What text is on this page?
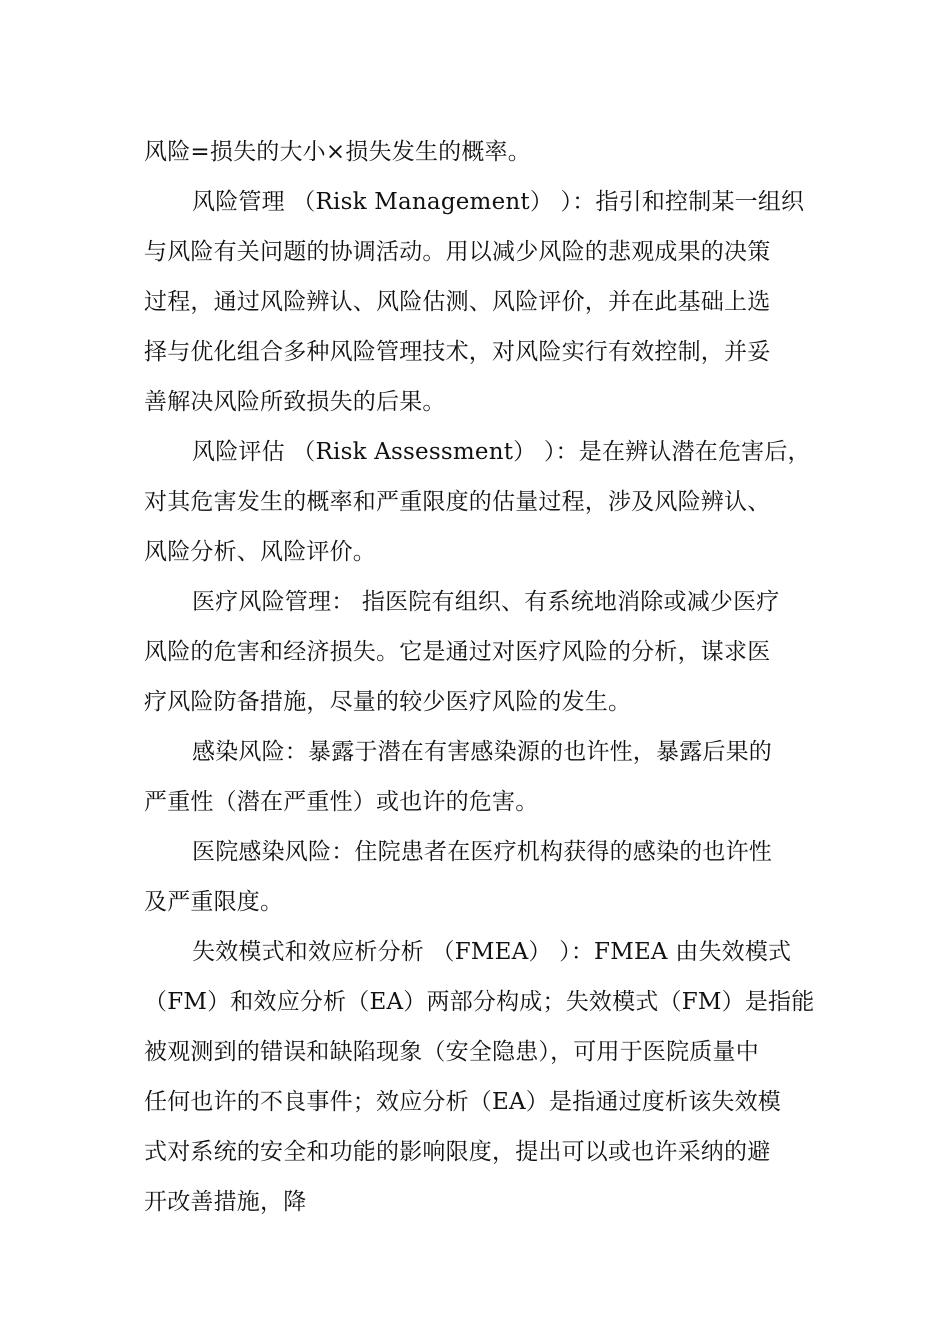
风险=损失的大小×损失发生的概率。
风险管理 （Risk Management） ）：指引和控制某一组织
与风险有关问题的协调活动。用以减少风险的悲观成果的决策
过程，通过风险辨认、风险估测、风险评价，并在此基础上选
择与优化组合多种风险管理技术，对风险实行有效控制，并妥
善解决风险所致损失的后果。
风险评估 （Risk Assessment） ）：是在辨认潜在危害后，
对其危害发生的概率和严重限度的估量过程，涉及风险辨认、
风险分析、风险评价。
医疗风险管理： 指医院有组织、有系统地消除或减少医疗
风险的危害和经济损失。它是通过对医疗风险的分析，谋求医
疗风险防备措施，尽量的较少医疗风险的发生。
感染风险：暴露于潜在有害感染源的也许性，暴露后果的
严重性（潜在严重性）或也许的危害。
医院感染风险：住院患者在医疗机构获得的感染的也许性
及严重限度。
失效模式和效应析分析 （FMEA） ）：FMEA 由失效模式
（FM）和效应分析（EA）两部分构成；失效模式（FM）是指能
被观测到的错误和缺陷现象（安全隐患），可用于医院质量中
任何也许的不良事件；效应分析（EA）是指通过度析该失效模
式对系统的安全和功能的影响限度，提出可以或也许采纳的避
开改善措施，降
